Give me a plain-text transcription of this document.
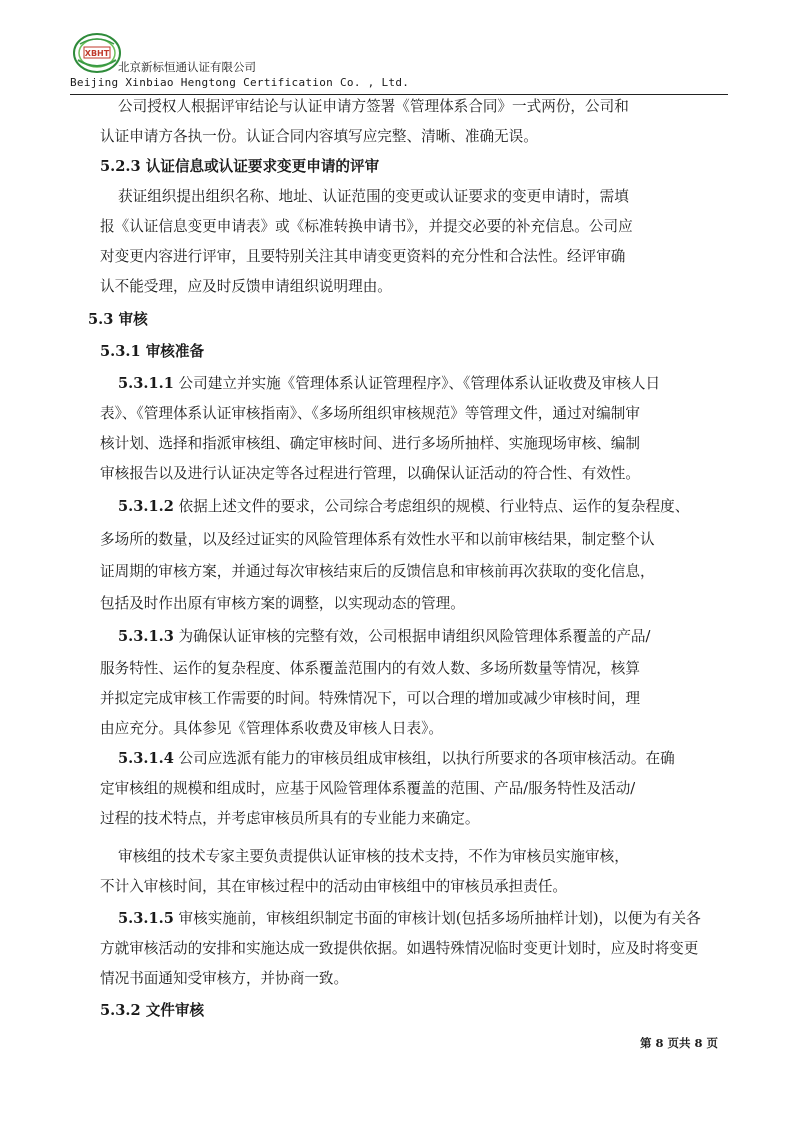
XBHT
北京新标恒通认证有限公司
Beijing Xinbiao Hengtong Certification Co. , Ltd.
公司授权人根据评审结论与认证申请方签署《管理体系合同》一式两份，公司和
认证申请方各执一份。认证合同内容填写应完整、清晰、准确无误。
5.2.3 认证信息或认证要求变更申请的评审
获证组织提出组织名称、地址、认证范围的变更或认证要求的变更申请时，需填
报《认证信息变更申请表》或《标准转换申请书》，并提交必要的补充信息。公司应
对变更内容进行评审，且要特别关注其申请变更资料的充分性和合法性。经评审确
认不能受理，应及时反馈申请组织说明理由。
5.3 审核
5.3.1 审核准备
5.3.1.1 公司建立并实施《管理体系认证管理程序》、《管理体系认证收费及审核人日
表》、《管理体系认证审核指南》、《多场所组织审核规范》等管理文件，通过对编制审
核计划、选择和指派审核组、确定审核时间、进行多场所抽样、实施现场审核、编制
审核报告以及进行认证决定等各过程进行管理，以确保认证活动的符合性、有效性。
5.3.1.2 依据上述文件的要求，公司综合考虑组织的规模、行业特点、运作的复杂程度、
多场所的数量，以及经过证实的风险管理体系有效性水平和以前审核结果，制定整个认
证周期的审核方案，并通过每次审核结束后的反馈信息和审核前再次获取的变化信息，
包括及时作出原有审核方案的调整，以实现动态的管理。
5.3.1.3 为确保认证审核的完整有效，公司根据申请组织风险管理体系覆盖的产品/
服务特性、运作的复杂程度、体系覆盖范围内的有效人数、多场所数量等情况，核算
并拟定完成审核工作需要的时间。特殊情况下，可以合理的增加或减少审核时间，理
由应充分。具体参见《管理体系收费及审核人日表》。
5.3.1.4 公司应选派有能力的审核员组成审核组，以执行所要求的各项审核活动。在确
定审核组的规模和组成时，应基于风险管理体系覆盖的范围、产品/服务特性及活动/
过程的技术特点，并考虑审核员所具有的专业能力来确定。
审核组的技术专家主要负责提供认证审核的技术支持，不作为审核员实施审核，
不计入审核时间，其在审核过程中的活动由审核组中的审核员承担责任。
5.3.1.5 审核实施前，审核组织制定书面的审核计划(包括多场所抽样计划)，以便为有关各
方就审核活动的安排和实施达成一致提供依据。如遇特殊情况临时变更计划时，应及时将变更
情况书面通知受审核方，并协商一致。
5.3.2 文件审核
第 8 页共 8 页
